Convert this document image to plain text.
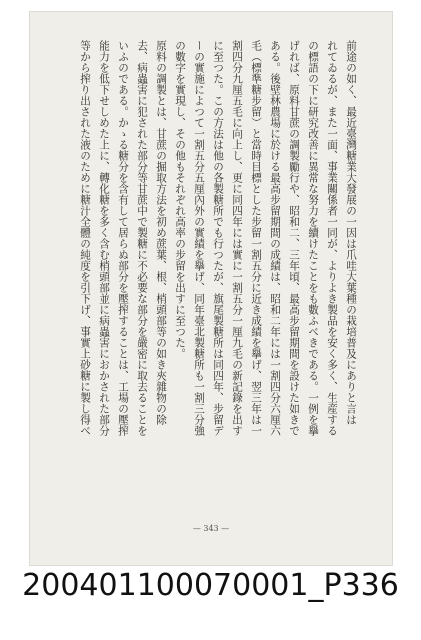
前途の如く、最近臺灣糖業大發展の一因は爪哇大葉種の栽培普及にありと言は
れてゐるが、また一面、事業關係者一同が、よりよき製品を安く多く、生産する
の標語の下に研究改善に異常な努力を續けたことをも數ふべきである。一例を擧
げれば、原料甘蔗の調製勵行や、昭和二、三年頃、最高步留期間を設けた如きで
ある。後壁林農場に於ける最高步留期間の成績は、昭和二年には一割四分六厘六
毛（標準糖步留）と當時目標とした步留一割五分に近き成績を擧げ、翌三年は一
割四分九厘五毛に向上し、更に同四年には實に一割五分一厘九毛の新記錄を出す
に至つた。この方法は他の各製糖所でも行つたが、旗尾製糖所は同四年、步留デ
ーの實施によつて一割五分五厘內外の實績を擧げ、同年臺北製糖所も一割三分強
の數字を實現し、その他もそれぞれ高率の步留を出すに至つた。
原料の調製とは、甘蔗の掘取方法を初め蔗葉、根、梢頭部等の如き夾雜物の除
去、病蟲害に犯された部分等甘蔗中で製糖に不必要な部分を嚴密に取去ることを
いふのである。かゝる糖分を含有して居らぬ部分を壓搾することは、工場の壓搾
能力を低下せしめた上に、轉化糖を多く含む梢頭部並に病蟲害におかされた部分
等から搾り出された液のために糖汁全體の純度を引下げ、事實上砂糖に製し得べ
— 343 —
200401100070001_P336
